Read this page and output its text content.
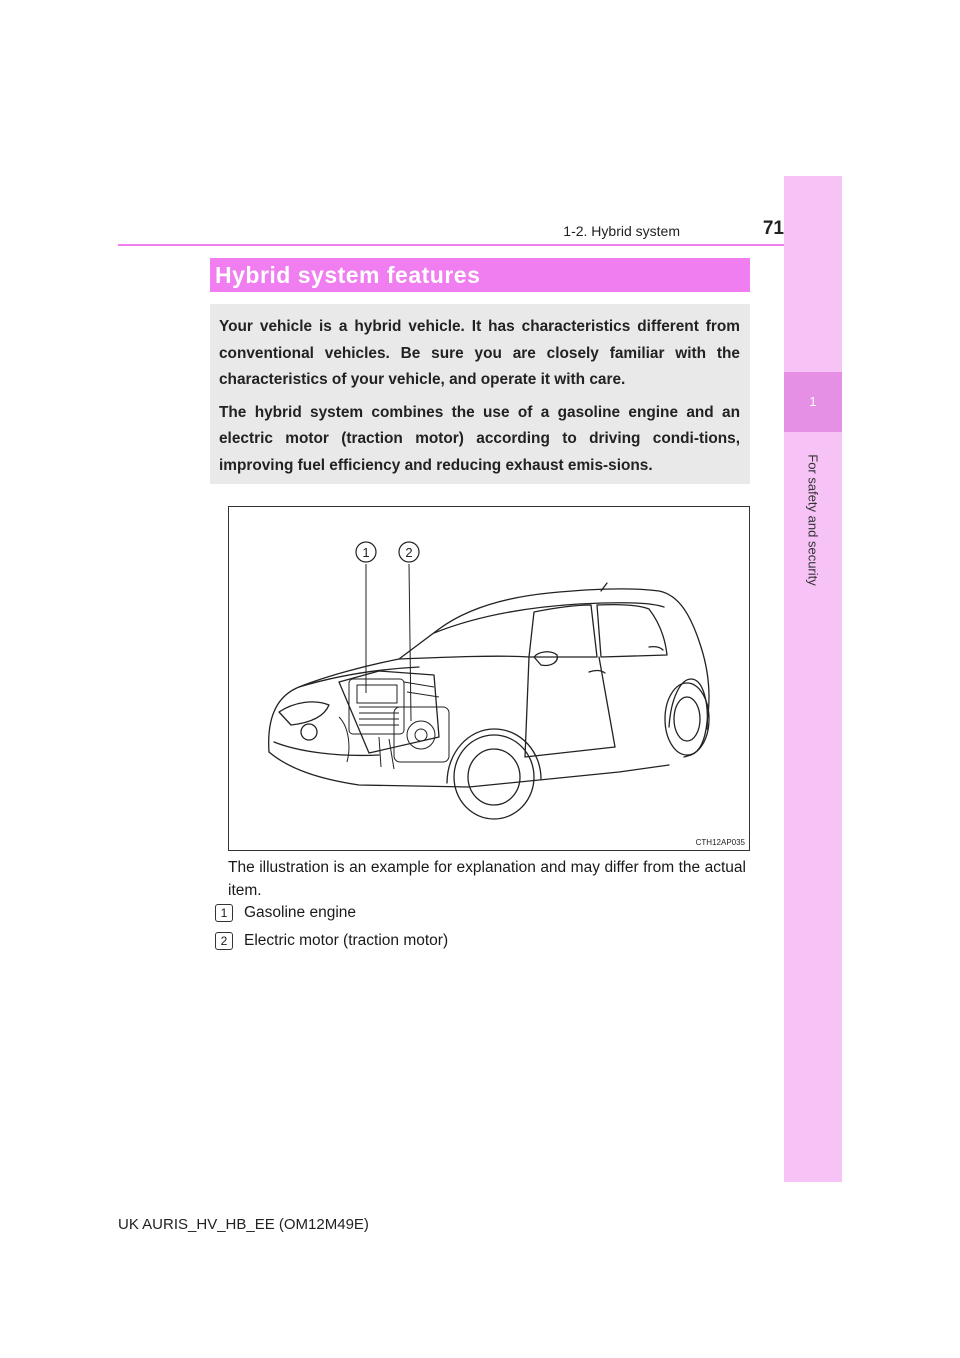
1
For safety and security
1-2. Hybrid system	71
Hybrid system features

Your vehicle is a hybrid vehicle. It has characteristics different from conventional vehicles. Be sure you are closely familiar with the characteristics of your vehicle, and operate it with care.

The hybrid system combines the use of a gasoline engine and an electric motor (traction motor) according to driving condi-tions, improving fuel efficiency and reducing exhaust emis-sions.

1	2
CTH12AP035
The illustration is an example for explanation and may differ from the actual item.
1 Gasoline engine
2 Electric motor (traction motor)
UK AURIS_HV_HB_EE (OM12M49E)
